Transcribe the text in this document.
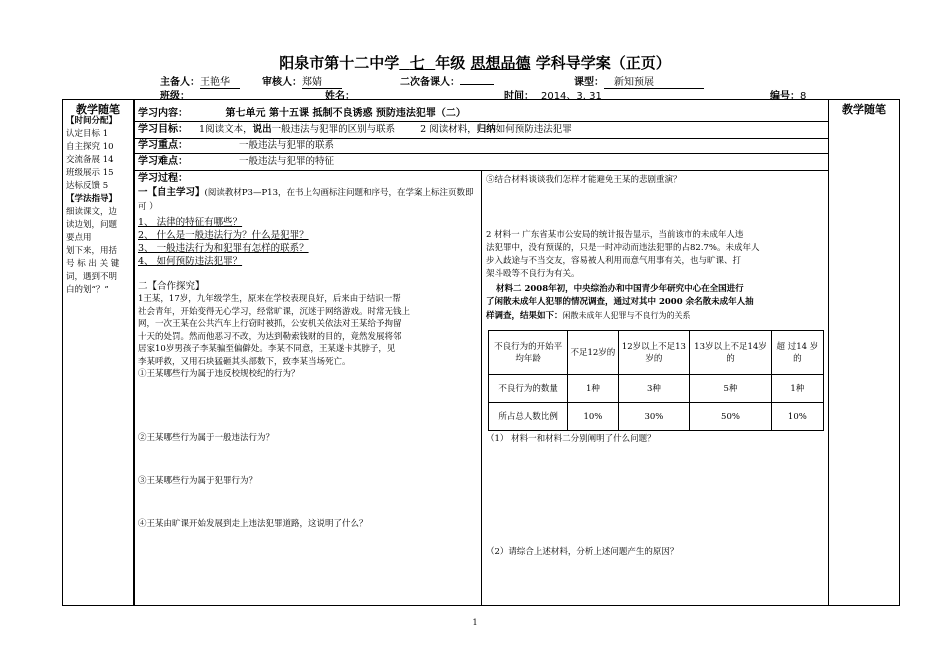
阳泉市第十二中学 七 年级 思想品德 学科导学案（正页）
主备人：王艳华	审核人：郑婧	二次备课人：	课型： 新知预展
班级：	姓名：	时间： 2014、3. 31	编号：8
教学随笔
【时间分配】
认定目标 1
自主探究 10
交流备展 14
班级展示 15
达标反馈 5
【学法指导】
细读课文，边
读边划，问题
要点用
划下来，用括
号 标 出 关 键
词，遇到不明
白的划“？”
教学随笔
学习内容：	第七单元 第十五课 抵制不良诱惑 预防违法犯罪（二）
学习目标： 1阅读文本，说出一般违法与犯罪的区别与联系	2 阅读材料，归纳如何预防违法犯罪
学习重点：	一般违法与犯罪的联系
学习难点：	一般违法与犯罪的特征
学习过程：
一【自主学习】(阅读教材P3—P13，在书上勾画标注问题和序号，在学案上标注页数即可 ）
1、 法律的特征有哪些？
2、 什么是一般违法行为？什么是犯罪？
3、 一般违法行为和犯罪有怎样的联系？
4、 如何预防违法犯罪？
二【合作探究】
1王某，17岁，九年级学生，原来在学校表现良好，后来由于结识一帮
社会青年，开始变得无心学习，经常旷课，沉迷于网络游戏。时常无钱上
网，一次王某在公共汽车上行窃时被抓，公安机关依法对王某给予拘留
十天的处罚。然而他恶习不改，为达到勒索钱财的目的，竟然发展将邻
居家10岁男孩子李某骗至偏僻处。李某不同意，王某遂卡其脖子，见
李某呼救，又用石块猛砸其头部数下，致李某当场死亡。
①王某哪些行为属于违反校规校纪的行为？
②王某哪些行为属于一般违法行为？
③王某哪些行为属于犯罪行为？
④王某由旷课开始发展到走上违法犯罪道路，这说明了什么？
⑤结合材料谈谈我们怎样才能避免王某的悲剧重演？
2 材料一 广东省某市公安局的统计报告显示，当前该市的未成年人违
法犯罪中，没有预谋的，只是一时冲动而违法犯罪的占82.7%。未成年人
步入歧途与不当交友，容易被人利用而意气用事有关，也与旷课、打
架斗殴等不良行为有关。
材料二 2008年初，中央综治办和中国青少年研究中心在全国进行
了闲散未成年人犯罪的情况调查，通过对其中 2000 余名散未成年人抽
样调查，结果如下：闲散未成年人犯罪与不良行为的关系
不良行为的开始平均年龄	不足12岁的	12岁以上不足13岁的	13岁以上不足14岁的	超 过14 岁的
不良行为的数量	1种	3种	5种	1种
所占总人数比例	10%	30%	50%	10%
（1） 材料一和材料二分别阐明了什么问题？
（2）请综合上述材料，分析上述问题产生的原因？
1
